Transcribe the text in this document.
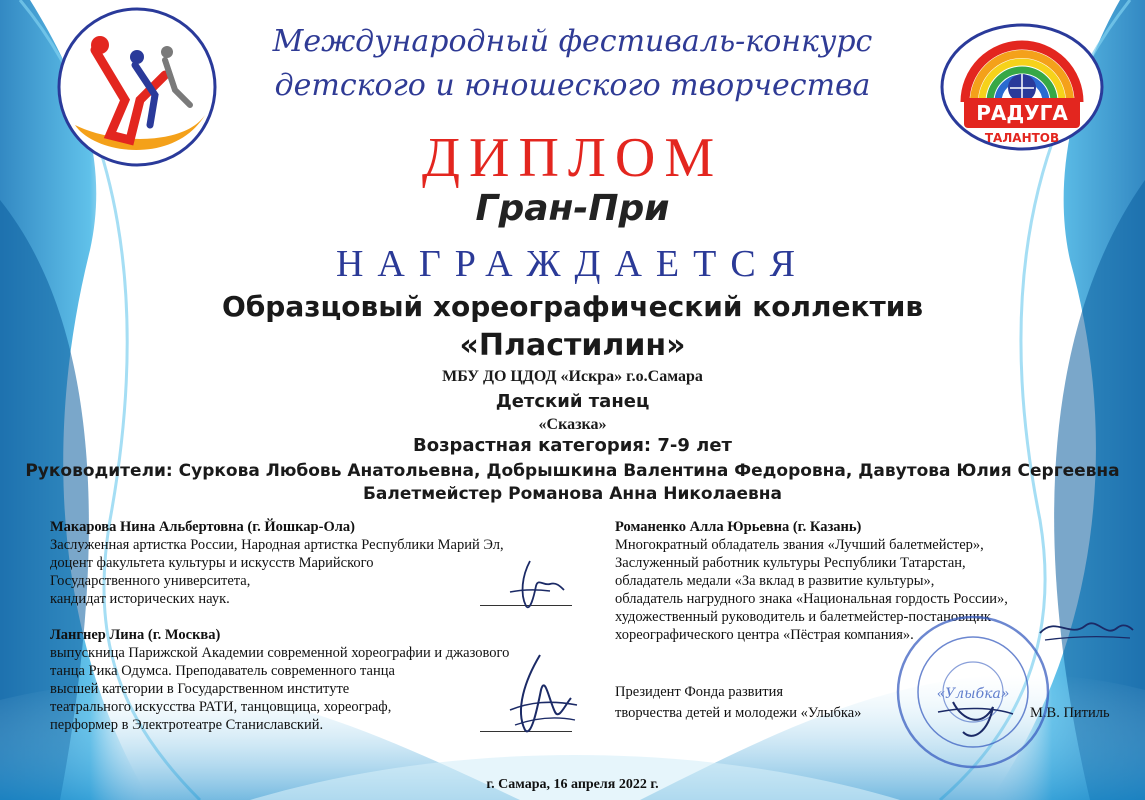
РАДУГА
ТАЛАНТОВ
Международный фестиваль-конкурс
детского и юношеского творчества
ДИПЛОМ
Гран-При
НАГРАЖДАЕТСЯ
Образцовый хореографический коллектив
«Пластилин»
МБУ ДО ЦДОД «Искра» г.о.Самара
Детский танец
«Сказка»
Возрастная категория: 7-9 лет
Руководители: Суркова Любовь Анатольевна, Добрышкина Валентина Федоровна, Давутова Юлия Сергеевна
Балетмейстер Романова Анна Николаевна
Макарова Нина Альбертовна (г. Йошкар-Ола)
Заслуженная артистка России, Народная артистка Республики Марий Эл,
доцент факультета культуры и искусств Марийского
Государственного университета,
кандидат исторических наук.
Лангнер Лина (г. Москва)
выпускница Парижской Академии современной хореографии и джазового
танца Рика Одумса. Преподаватель современного танца
высшей категории в Государственном институте
театрального искусства РАТИ, танцовщица, хореограф,
перформер в Электротеатре Станиславский.
Романенко Алла Юрьевна (г. Казань)
Многократный обладатель звания «Лучший балетмейстер»,
Заслуженный работник культуры Республики Татарстан,
обладатель медали «За вклад в развитие культуры»,
обладатель нагрудного знака «Национальная гордость России»,
художественный руководитель и балетмейстер-постановщик
хореографического центра «Пёстрая компания».
Президент Фонда развития
творчества детей и молодежи «Улыбка»	М.В. Питиль
«Улыбка»
г. Самара, 16 апреля 2022 г.
